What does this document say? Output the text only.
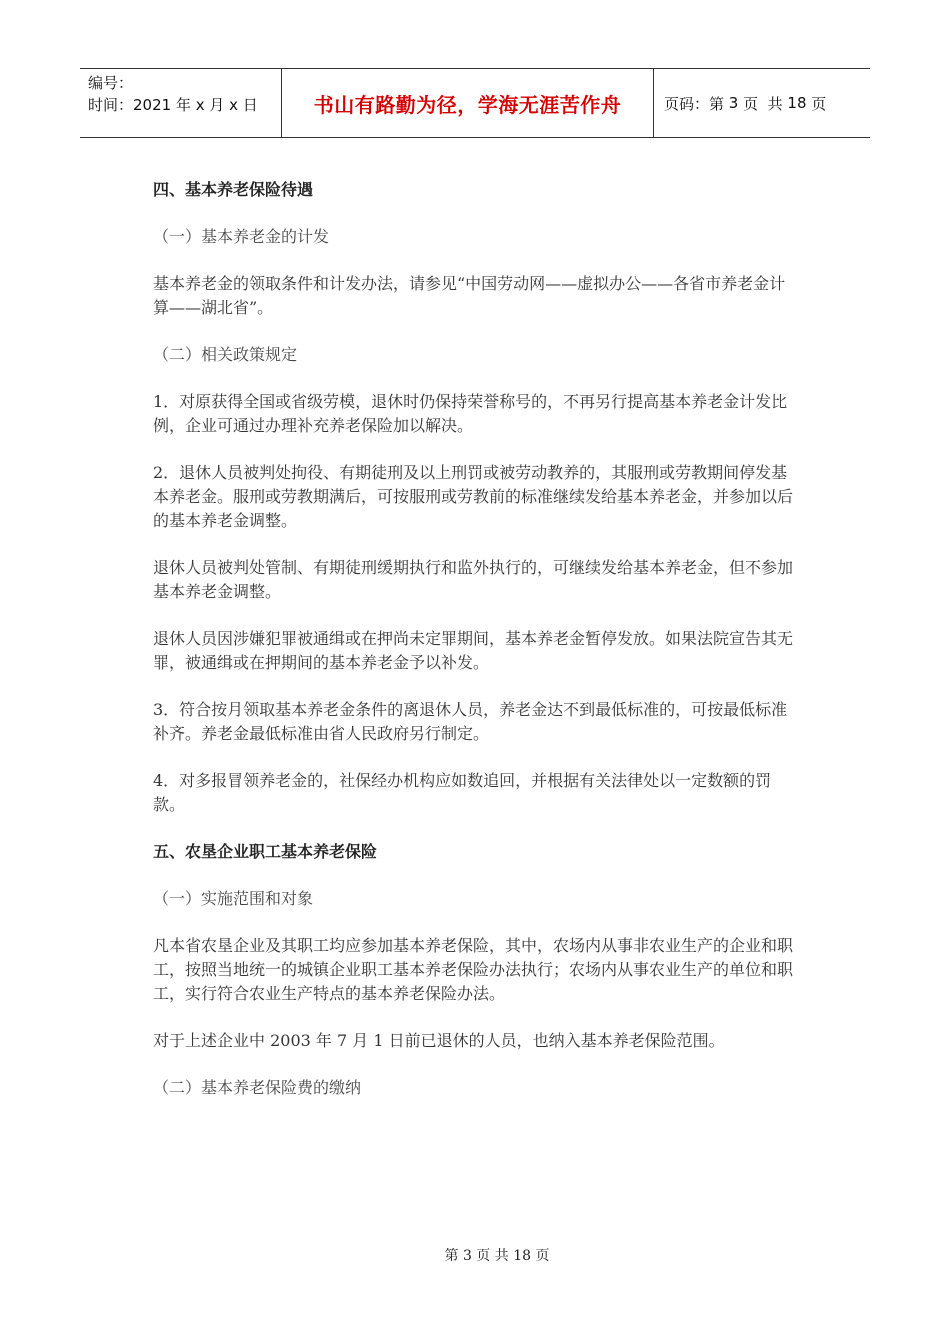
编号：
时间：2021 年 x 月 x 日	书山有路勤为径，学海无涯苦作舟	页码：第 3 页  共 18 页

四、基本养老保险待遇

（一）基本养老金的计发

基本养老金的领取条件和计发办法，请参见“中国劳动网——虚拟办公——各省市养老金计算——湖北省”。

（二）相关政策规定

1．对原获得全国或省级劳模，退休时仍保持荣誉称号的，不再另行提高基本养老金计发比例，企业可通过办理补充养老保险加以解决。

2．退休人员被判处拘役、有期徒刑及以上刑罚或被劳动教养的，其服刑或劳教期间停发基本养老金。服刑或劳教期满后，可按服刑或劳教前的标准继续发给基本养老金，并参加以后的基本养老金调整。

退休人员被判处管制、有期徒刑缓期执行和监外执行的，可继续发给基本养老金，但不参加基本养老金调整。

退休人员因涉嫌犯罪被通缉或在押尚未定罪期间，基本养老金暂停发放。如果法院宣告其无罪，被通缉或在押期间的基本养老金予以补发。

3．符合按月领取基本养老金条件的离退休人员，养老金达不到最低标准的，可按最低标准补齐。养老金最低标准由省人民政府另行制定。

4．对多报冒领养老金的，社保经办机构应如数追回，并根据有关法律处以一定数额的罚款。

五、农垦企业职工基本养老保险

（一）实施范围和对象

凡本省农垦企业及其职工均应参加基本养老保险，其中，农场内从事非农业生产的企业和职工，按照当地统一的城镇企业职工基本养老保险办法执行；农场内从事农业生产的单位和职工，实行符合农业生产特点的基本养老保险办法。

对于上述企业中 2003 年 7 月 1 日前已退休的人员，也纳入基本养老保险范围。

（二）基本养老保险费的缴纳

第 3 页 共 18 页
